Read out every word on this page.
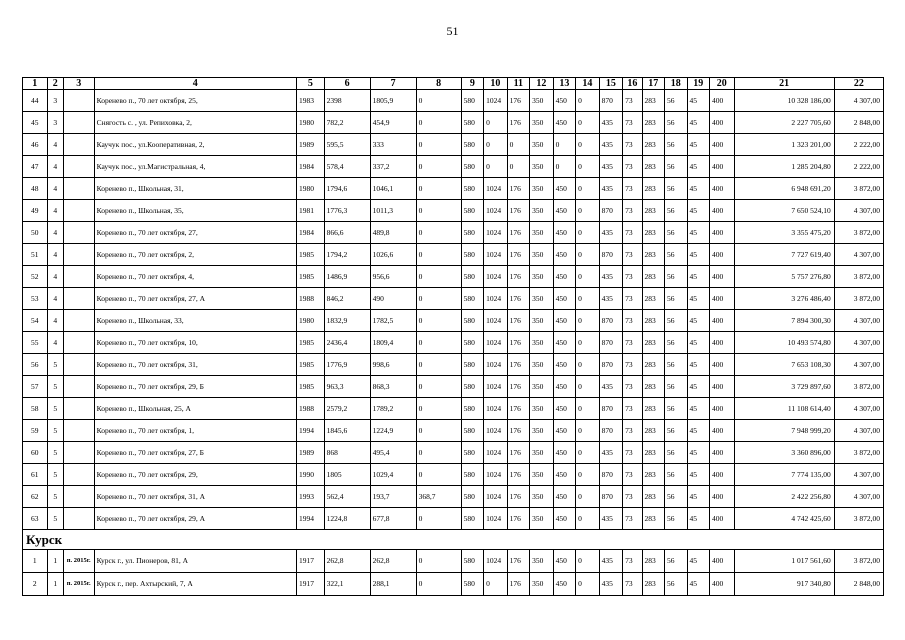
51
1	2	3	4	5	6	7	8	9	10	11	12	13	14	15	16	17	18	19	20	21	22
44	3		Коренево п., 70 лет октября, 25,	1983	2398	1805,9	0	580	1024	176	350	450	0	870	73	283	56	45	400	10 328 186,00	4 307,00
45	3		Снягость с. , ул. Репиховка, 2,	1980	782,2	454,9	0	580	0	176	350	450	0	435	73	283	56	45	400	2 227 705,60	2 848,00
46	4		Каучук пос., ул.Кооперативная, 2,	1989	595,5	333	0	580	0	0	350	0	0	435	73	283	56	45	400	1 323 201,00	2 222,00
47	4		Каучук пос., ул.Магистральная, 4,	1984	578,4	337,2	0	580	0	0	350	0	0	435	73	283	56	45	400	1 285 204,80	2 222,00
48	4		Коренево п., Школьная, 31,	1980	1794,6	1046,1	0	580	1024	176	350	450	0	435	73	283	56	45	400	6 948 691,20	3 872,00
49	4		Коренево п., Школьная, 35,	1981	1776,3	1011,3	0	580	1024	176	350	450	0	870	73	283	56	45	400	7 650 524,10	4 307,00
50	4		Коренево п., 70 лет октября, 27,	1984	866,6	489,8	0	580	1024	176	350	450	0	435	73	283	56	45	400	3 355 475,20	3 872,00
51	4		Коренево п., 70 лет октября, 2,	1985	1794,2	1026,6	0	580	1024	176	350	450	0	870	73	283	56	45	400	7 727 619,40	4 307,00
52	4		Коренево п., 70 лет октября, 4,	1985	1486,9	956,6	0	580	1024	176	350	450	0	435	73	283	56	45	400	5 757 276,80	3 872,00
53	4		Коренево п., 70 лет октября, 27, А	1988	846,2	490	0	580	1024	176	350	450	0	435	73	283	56	45	400	3 276 486,40	3 872,00
54	4		Коренево п., Школьная, 33,	1980	1832,9	1782,5	0	580	1024	176	350	450	0	870	73	283	56	45	400	7 894 300,30	4 307,00
55	4		Коренево п., 70 лет октября, 10,	1985	2436,4	1809,4	0	580	1024	176	350	450	0	870	73	283	56	45	400	10 493 574,80	4 307,00
56	5		Коренево п., 70 лет октября, 31,	1985	1776,9	998,6	0	580	1024	176	350	450	0	870	73	283	56	45	400	7 653 108,30	4 307,00
57	5		Коренево п., 70 лет октября, 29, Б	1985	963,3	868,3	0	580	1024	176	350	450	0	435	73	283	56	45	400	3 729 897,60	3 872,00
58	5		Коренево п., Школьная, 25, А	1988	2579,2	1789,2	0	580	1024	176	350	450	0	870	73	283	56	45	400	11 108 614,40	4 307,00
59	5		Коренево п., 70 лет октября, 1,	1994	1845,6	1224,9	0	580	1024	176	350	450	0	870	73	283	56	45	400	7 948 999,20	4 307,00
60	5		Коренево п., 70 лет октября, 27, Б	1989	868	495,4	0	580	1024	176	350	450	0	435	73	283	56	45	400	3 360 896,00	3 872,00
61	5		Коренево п., 70 лет октября, 29,	1990	1805	1029,4	0	580	1024	176	350	450	0	870	73	283	56	45	400	7 774 135,00	4 307,00
62	5		Коренево п., 70 лет октября, 31, А	1993	562,4	193,7	368,7	580	1024	176	350	450	0	870	73	283	56	45	400	2 422 256,80	4 307,00
63	5		Коренево п., 70 лет октября, 29, А	1994	1224,8	677,8	0	580	1024	176	350	450	0	435	73	283	56	45	400	4 742 425,60	3 872,00
Курск																					
1	1	п. 2015г.	Курск г., ул. Пионеров, 81, А	1917	262,8	262,8	0	580	1024	176	350	450	0	435	73	283	56	45	400	1 017 561,60	3 872,00
2	1	п. 2015г.	Курск г., пер. Ахтырский, 7, А	1917	322,1	288,1	0	580	0	176	350	450	0	435	73	283	56	45	400	917 340,80	2 848,00
